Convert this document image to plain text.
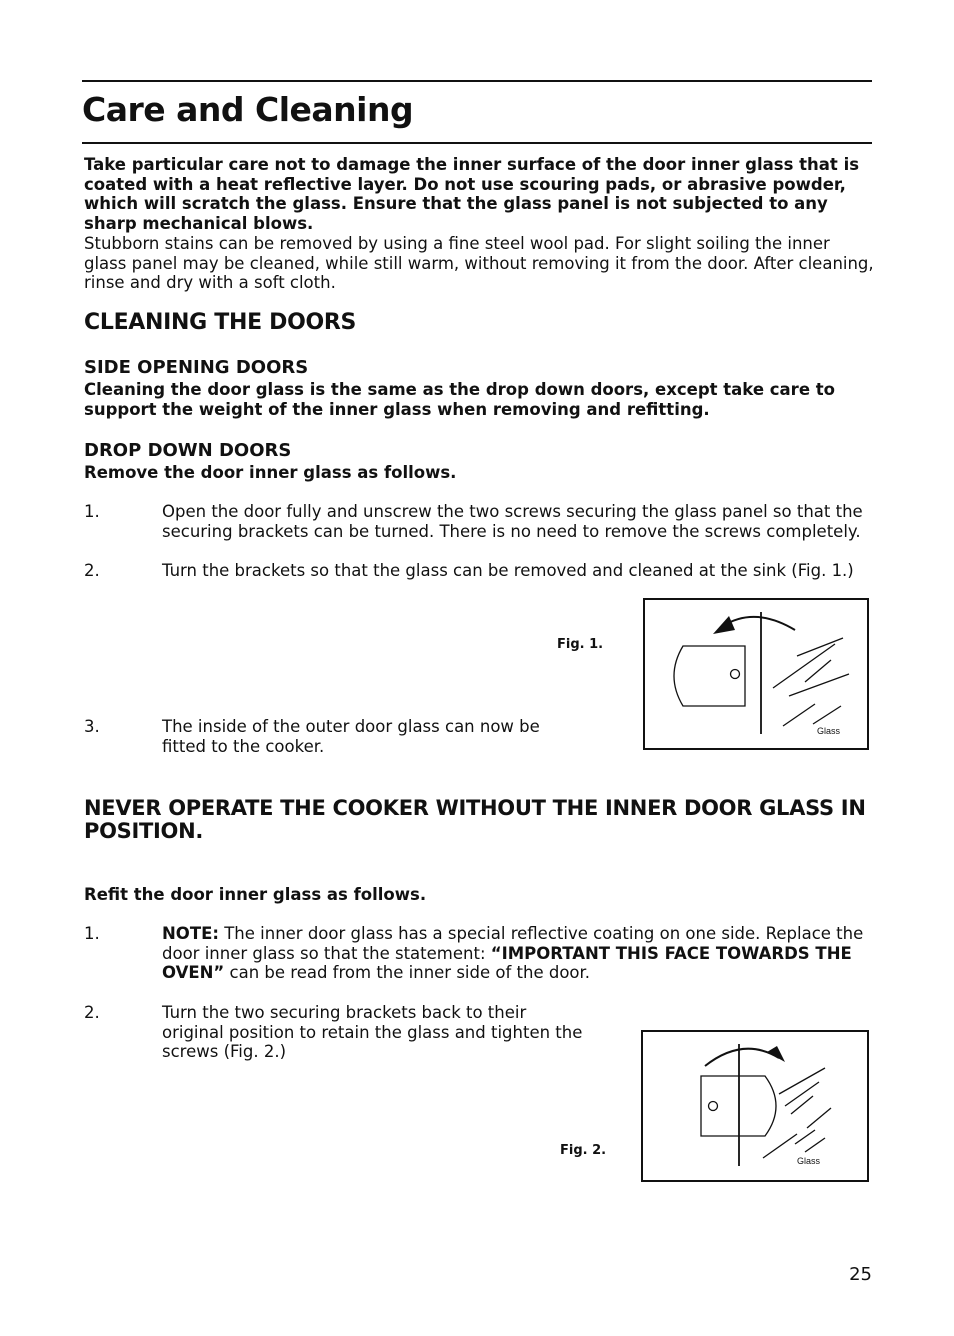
Care and Cleaning
Take particular care not to damage the inner surface of the door inner glass that is coated with a heat reflective layer. Do not use scouring pads, or abrasive powder, which will scratch the glass. Ensure that the glass panel is not subjected to any sharp mechanical blows.
Stubborn stains can be removed by using a fine steel wool pad. For slight soiling the inner glass panel may be cleaned, while still warm, without removing it from the door. After cleaning, rinse and dry with a soft cloth.
CLEANING THE DOORS
SIDE OPENING DOORS
Cleaning the door glass is the same as the drop down doors, except take care to support the weight of the inner glass when removing and refitting.
DROP DOWN DOORS
Remove the door inner glass as follows.
1.	Open the door fully and unscrew the two screws securing the glass panel so that the securing brackets can be turned. There is no need to remove the screws completely.
2.	Turn the brackets so that the glass can be removed and cleaned at the sink (Fig. 1.)
Fig. 1.
Glass
3.	The inside of the outer door glass can now be fitted to the cooker.
NEVER OPERATE THE COOKER WITHOUT THE INNER DOOR GLASS IN POSITION.
Refit the door inner glass as follows.
1.	NOTE: The inner door glass has a special reflective coating on one side. Replace the door inner glass so that the statement: “IMPORTANT THIS FACE TOWARDS THE OVEN” can be read from the inner side of the door.
2.	Turn the two securing brackets back to their original position to retain the glass and tighten the screws (Fig. 2.)
Fig. 2.
Glass
25
